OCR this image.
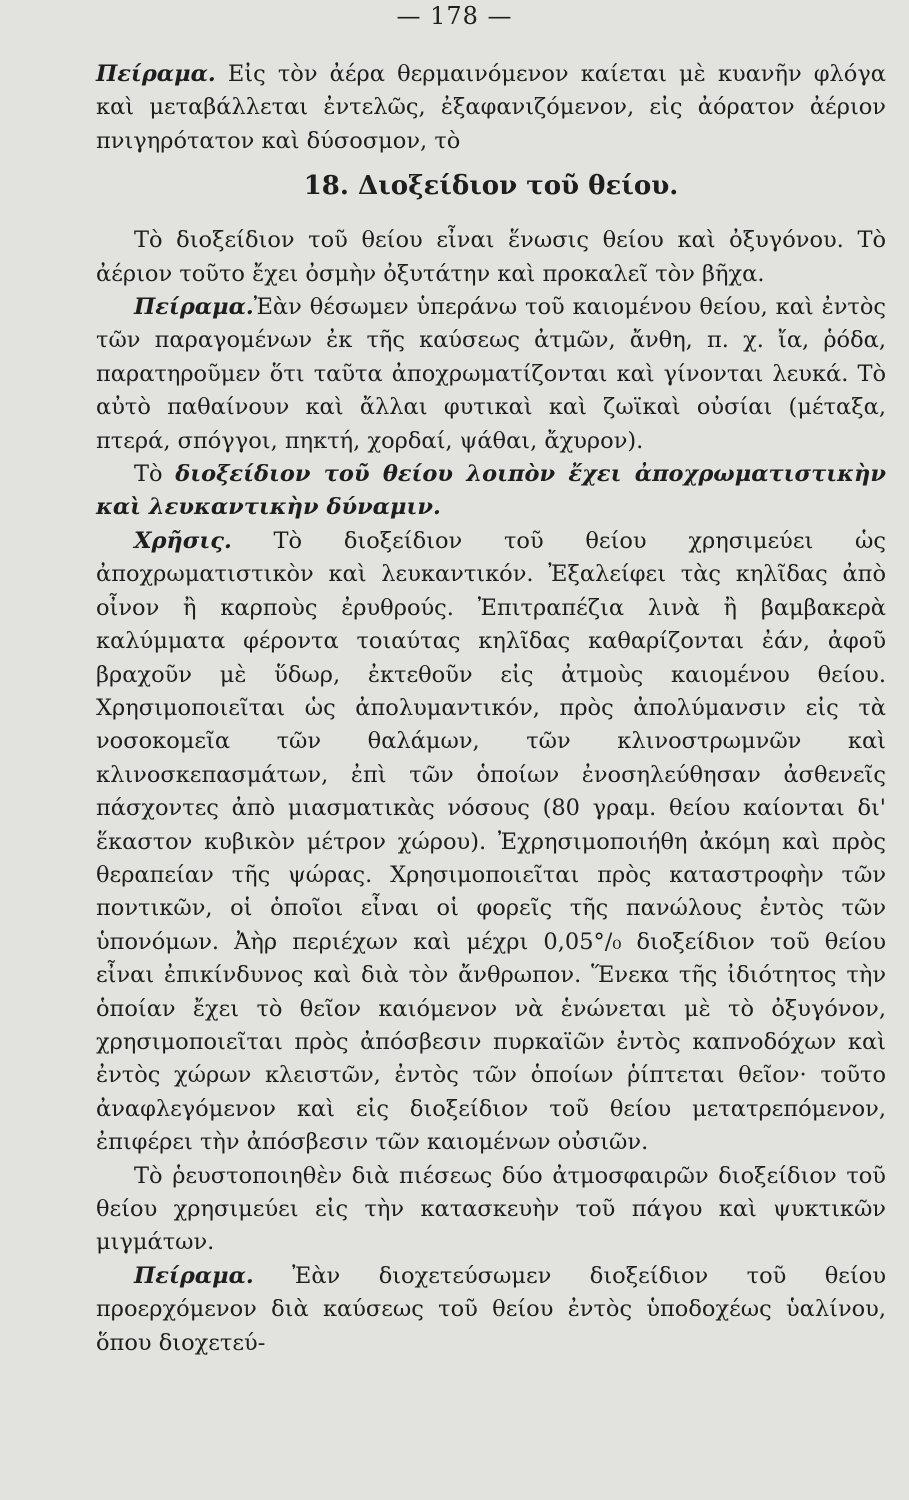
— 178 —

Πείραμα. Εἰς τὸν ἀέρα θερμαινόμενον καίεται μὲ κυανῆν φλόγα καὶ μεταβάλλεται ἐντελῶς, ἐξαφανιζόμενον, εἰς ἀόρατον ἀέριον πνιγηρότατον καὶ δύσοσμον, τὸ

18. Διοξείδιον τοῦ θείου.

Τὸ διοξείδιον τοῦ θείου εἶναι ἕνωσις θείου καὶ ὀξυγόνου. Τὸ ἀέριον τοῦτο ἔχει ὀσμὴν ὀξυτάτην καὶ προκαλεῖ τὸν βῆχα.

Πείραμα.Ἐὰν θέσωμεν ὑπεράνω τοῦ καιομένου θείου, καὶ ἐντὸς τῶν παραγομένων ἐκ τῆς καύσεως ἀτμῶν, ἄνθη, π. χ. ἴα, ῥόδα, παρατηροῦμεν ὅτι ταῦτα ἀποχρωματίζονται καὶ γίνονται λευκά. Τὸ αὐτὸ παθαίνουν καὶ ἄλλαι φυτικαὶ καὶ ζωϊκαὶ οὐσίαι (μέταξα, πτερά, σπόγγοι, πηκτή, χορδαί, ψάθαι, ἄχυρον).

Τὸ διοξείδιον τοῦ θείου λοιπὸν ἔχει ἀποχρωματιστικὴν καὶ λευκαντικὴν δύναμιν.

Χρῆσις. Τὸ διοξείδιον τοῦ θείου χρησιμεύει ὡς ἀποχρωματιστικὸν καὶ λευκαντικόν. Ἐξαλείφει τὰς κηλῖδας ἀπὸ οἶνον ἢ καρποὺς ἐρυθρούς. Ἐπιτραπέζια λινὰ ἢ βαμβακερὰ καλύμματα φέροντα τοιαύτας κηλῖδας καθαρίζονται ἐάν, ἀφοῦ βραχοῦν μὲ ὕδωρ, ἐκτεθοῦν εἰς ἀτμοὺς καιομένου θείου. Χρησιμοποιεῖται ὡς ἀπολυμαντικόν, πρὸς ἀπολύμανσιν εἰς τὰ νοσοκομεῖα τῶν θαλάμων, τῶν κλινοστρωμνῶν καὶ κλινοσκεπασμάτων, ἐπὶ τῶν ὁποίων ἐνοσηλεύθησαν ἀσθενεῖς πάσχοντες ἀπὸ μιασματικὰς νόσους (80 γραμ. θείου καίονται δι' ἕκαστον κυβικὸν μέτρον χώρου). Ἐχρησιμοποιήθη ἀκόμη καὶ πρὸς θεραπείαν τῆς ψώρας. Χρησιμοποιεῖται πρὸς καταστροφὴν τῶν ποντικῶν, οἱ ὁποῖοι εἶναι οἱ φορεῖς τῆς πανώλους ἐντὸς τῶν ὑπονόμων. Ἀὴρ περιέχων καὶ μέχρι 0,05°/₀ διοξείδιον τοῦ θείου εἶναι ἐπικίνδυνος καὶ διὰ τὸν ἄνθρωπον. Ἕνεκα τῆς ἰδιότητος τὴν ὁποίαν ἔχει τὸ θεῖον καιόμενον νὰ ἑνώνεται μὲ τὸ ὀξυγόνον, χρησιμοποιεῖται πρὸς ἀπόσβεσιν πυρκαϊῶν ἐντὸς καπνοδόχων καὶ ἐντὸς χώρων κλειστῶν, ἐντὸς τῶν ὁποίων ῥίπτεται θεῖον· τοῦτο ἀναφλεγόμενον καὶ εἰς διοξείδιον τοῦ θείου μετατρεπόμενον, ἐπιφέρει τὴν ἀπόσβεσιν τῶν καιομένων οὐσιῶν.

Τὸ ῥευστοποιηθὲν διὰ πιέσεως δύο ἀτμοσφαιρῶν διοξείδιον τοῦ θείου χρησιμεύει εἰς τὴν κατασκευὴν τοῦ πάγου καὶ ψυκτικῶν μιγμάτων.

Πείραμα. Ἐὰν διοχετεύσωμεν διοξείδιον τοῦ θείου προερχόμενον διὰ καύσεως τοῦ θείου ἐντὸς ὑποδοχέως ὑαλίνου, ὅπου διοχετεύ-
